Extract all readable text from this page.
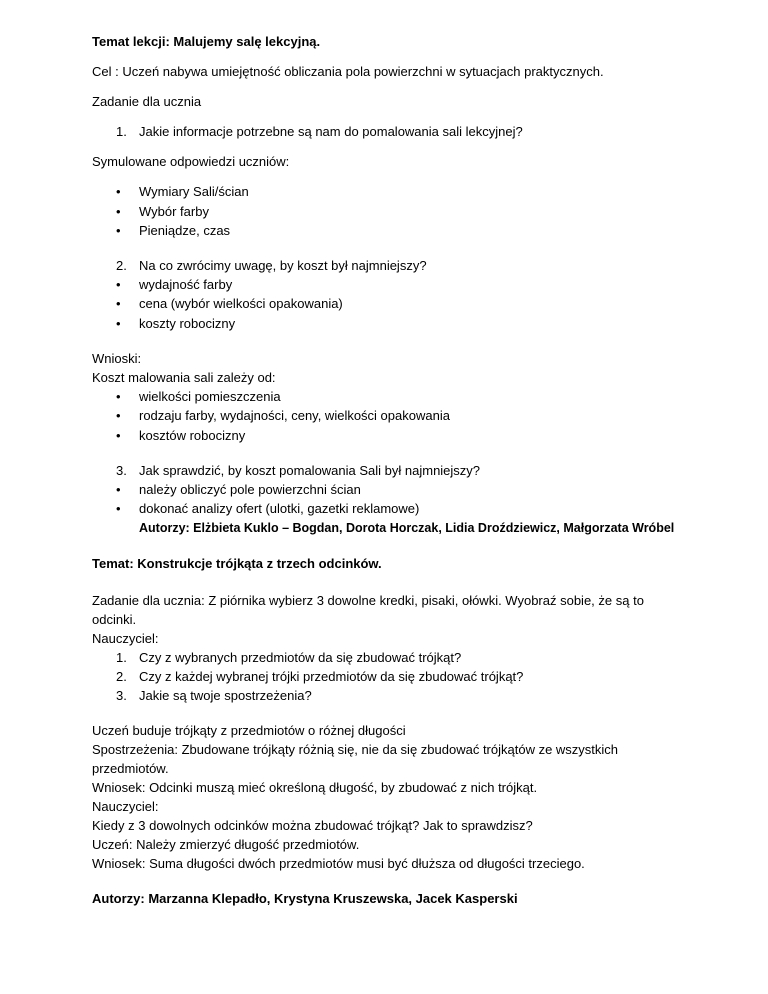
Temat lekcji: Malujemy salę lekcyjną.
Cel : Uczeń nabywa umiejętność obliczania pola powierzchni w sytuacjach praktycznych.
Zadanie dla ucznia
1. Jakie informacje potrzebne są nam do pomalowania sali lekcyjnej?
Symulowane odpowiedzi uczniów:
• Wymiary Sali/ścian
• Wybór farby
• Pieniądze, czas
2. Na co zwrócimy uwagę, by koszt był najmniejszy?
• wydajność farby
• cena (wybór wielkości opakowania)
• koszty robocizny
Wnioski:
Koszt malowania sali zależy od:
• wielkości pomieszczenia
• rodzaju farby, wydajności, ceny, wielkości opakowania
• kosztów robocizny
3. Jak sprawdzić, by koszt pomalowania Sali był najmniejszy?
• należy obliczyć pole powierzchni ścian
• dokonać analizy ofert (ulotki, gazetki reklamowe)
Autorzy: Elżbieta Kuklo – Bogdan, Dorota Horczak, Lidia Droździewicz, Małgorzata Wróbel
Temat: Konstrukcje trójkąta z trzech odcinków.
Zadanie dla ucznia: Z piórnika wybierz 3 dowolne kredki, pisaki, ołówki. Wyobraź sobie, że są to
odcinki.
Nauczyciel:
1. Czy z wybranych przedmiotów da się zbudować trójkąt?
2. Czy z każdej wybranej trójki przedmiotów da się zbudować trójkąt?
3. Jakie są twoje spostrzeżenia?
Uczeń buduje trójkąty z przedmiotów o różnej długości
Spostrzeżenia: Zbudowane trójkąty różnią się, nie da się zbudować trójkątów ze wszystkich
przedmiotów.
Wniosek: Odcinki muszą mieć określoną długość, by zbudować z nich trójkąt.
Nauczyciel:
Kiedy z 3 dowolnych odcinków można zbudować trójkąt? Jak to sprawdzisz?
Uczeń: Należy zmierzyć długość przedmiotów.
Wniosek: Suma długości dwóch przedmiotów musi być dłuższa od długości trzeciego.
Autorzy: Marzanna Klepadło, Krystyna Kruszewska, Jacek Kasperski
